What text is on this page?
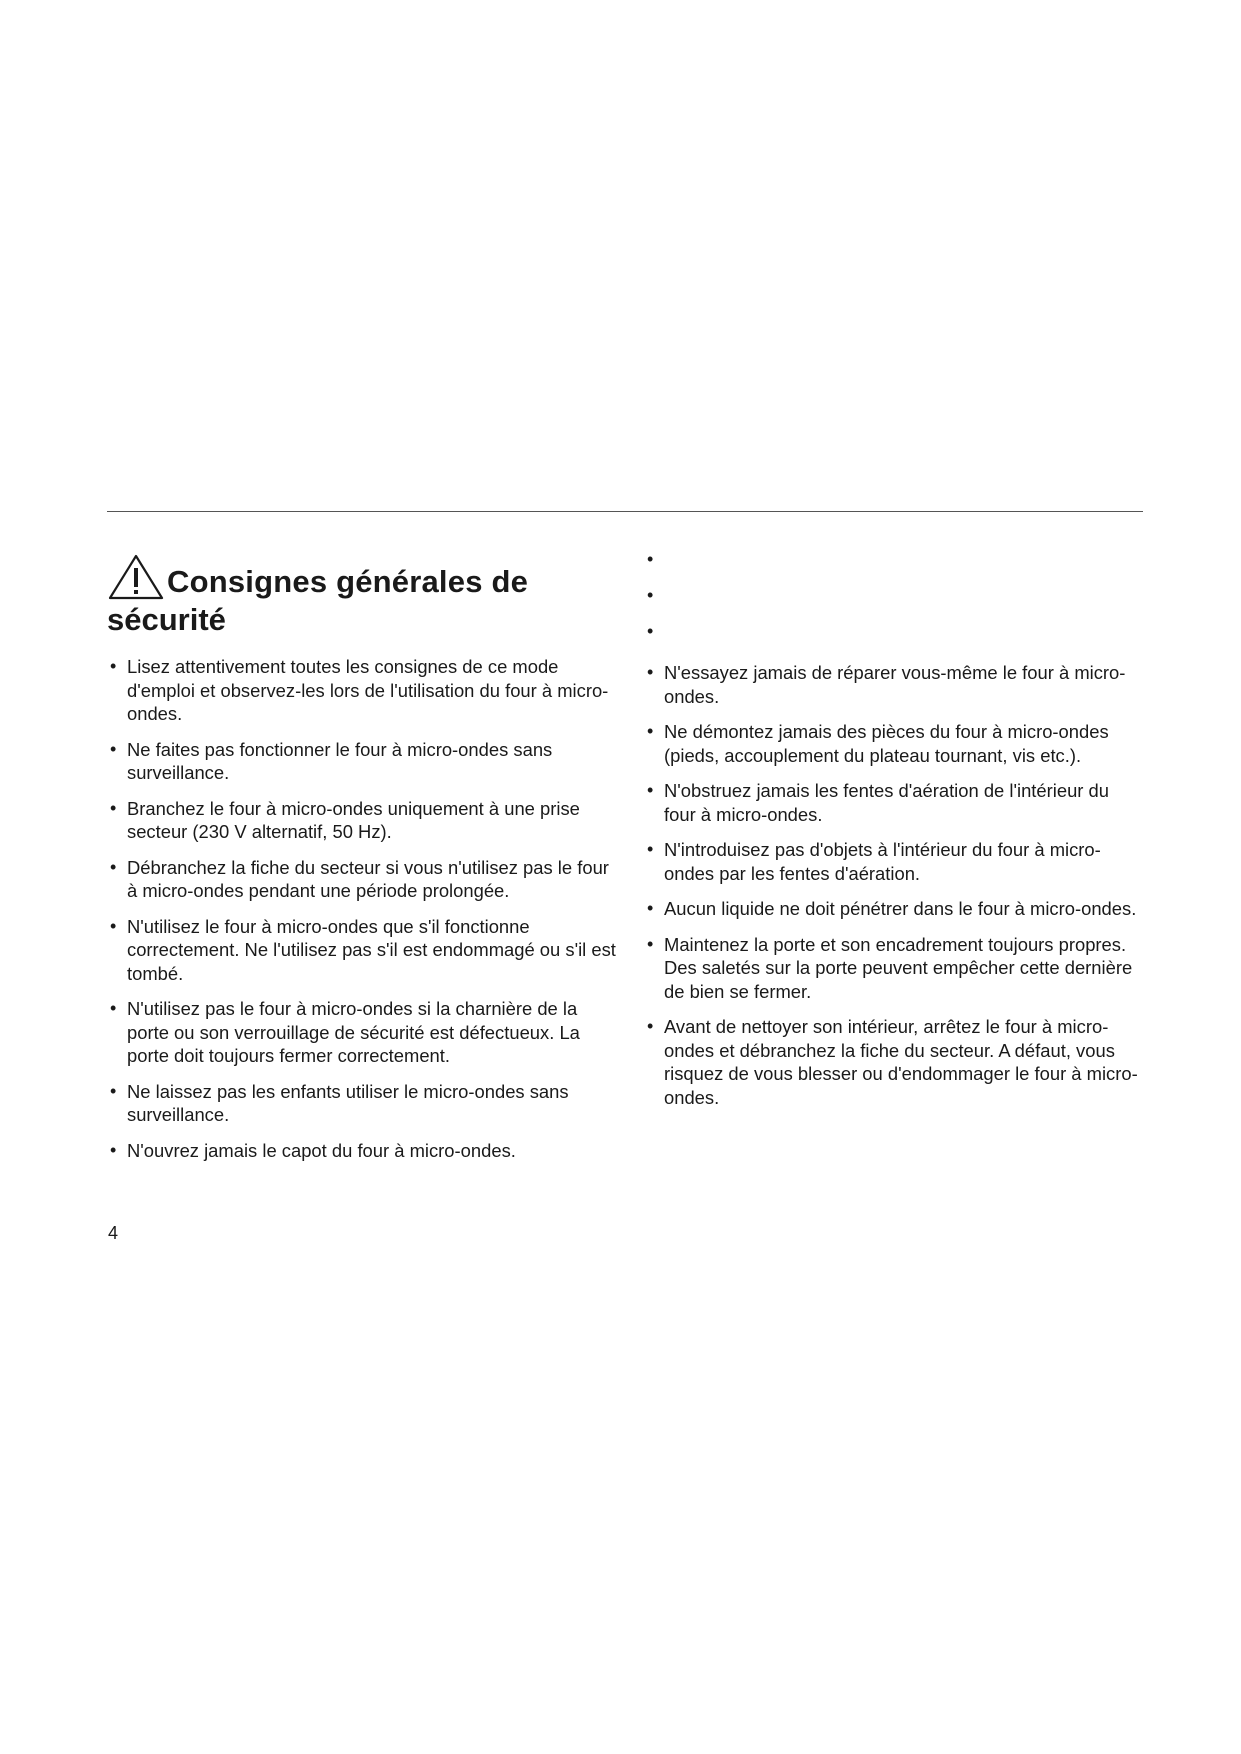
Consignes générales de
sécurité
• Lisez attentivement toutes les consignes de ce mode d'emploi et observez-les lors de l'utilisation du four à micro-ondes.
• Ne faites pas fonctionner le four à micro-ondes sans surveillance.
• Branchez le four à micro-ondes uniquement à une prise secteur (230 V alternatif, 50 Hz).
• Débranchez la fiche du secteur si vous n'utilisez pas le four à micro-ondes pendant une période prolongée.
• N'utilisez le four à micro-ondes que s'il fonctionne correctement. Ne l'utilisez pas s'il est endommagé ou s'il est tombé.
• N'utilisez pas le four à micro-ondes si la charnière de la porte ou son verrouillage de sécurité est défectueux. La porte doit toujours fermer correctement.
• Ne laissez pas les enfants utiliser le micro-ondes sans surveillance.
• N'ouvrez jamais le capot du four à micro-ondes.
•
•
•
• N'essayez jamais de réparer vous-même le four à micro-ondes.
• Ne démontez jamais des pièces du four à micro-ondes (pieds, accouplement du plateau tournant, vis etc.).
• N'obstruez jamais les fentes d'aération de l'intérieur du four à micro-ondes.
• N'introduisez pas d'objets à l'intérieur du four à micro-ondes par les fentes d'aération.
• Aucun liquide ne doit pénétrer dans le four à micro-ondes.
• Maintenez la porte et son encadrement toujours propres. Des saletés sur la porte peuvent empêcher cette dernière de bien se fermer.
• Avant de nettoyer son intérieur, arrêtez le four à micro-ondes et débranchez la fiche du secteur. A défaut, vous risquez de vous blesser ou d'endommager le four à micro-ondes.
4
